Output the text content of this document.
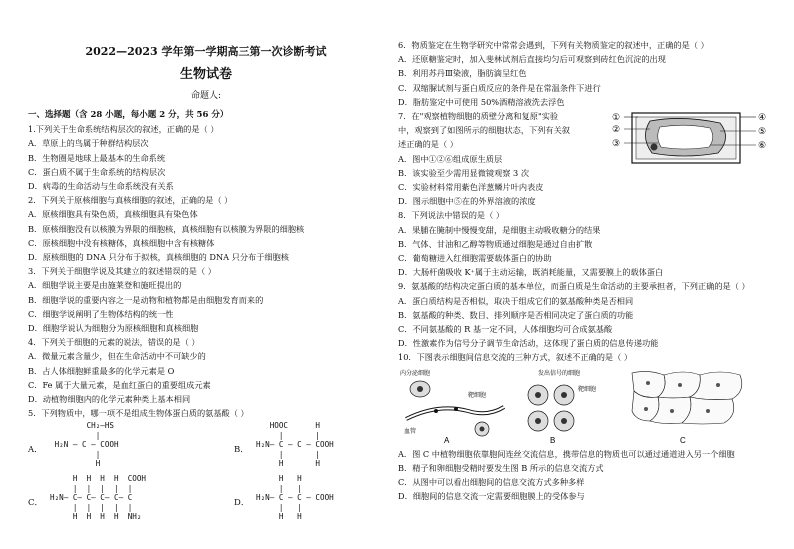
2022—2023 学年第一学期高三第一次诊断考试
生物试卷
命题人:
一、选择题（含 28 小题，每小题 2 分，共 56 分）
1.下列关于生命系统结构层次的叙述，正确的是（ ）
A．草原上的鸟属于种群结构层次
B．生物圈是地球上最基本的生命系统
C．蛋白质不属于生命系统的结构层次
D．病毒的生命活动与生命系统没有关系
2．下列关于原核细胞与真核细胞的叙述，正确的是（ ）
A．原核细胞具有染色质，真核细胞具有染色体
B．原核细胞没有以核膜为界限的细胞核，真核细胞有以核膜为界限的细胞核
C．原核细胞中没有核糖体，真核细胞中含有核糖体
D．原核细胞的 DNA 只分布于拟核，真核细胞的 DNA 只分布于细胞核
3．下列关于细胞学说及其建立的叙述错误的是（ ）
A．细胞学说主要是由施莱登和施旺提出的
B．细胞学说的重要内容之一是动物和植物都是由细胞发育而来的
C．细胞学说阐明了生物体结构的统一性
D．细胞学说认为细胞分为原核细胞和真核细胞
4．下列关于细胞的元素的说法，错误的是（ ）
A．微量元素含量少，但在生命活动中不可缺少的
B．占人体细胞鲜重最多的化学元素是 O
C．Fe 属于大量元素，是血红蛋白的重要组成元素
D．动植物细胞内的化学元素种类上基本相同
5．下列物质中，哪一项不是组成生物体蛋白质的氨基酸（ ）
A．
CH₂—HS
|
H₂N — C — COOH
|
H
B．
HOOC      H
|       |
H₂N— C — C — COOH
|       |
H       H
C．
H  H  H  H  COOH
|  |  |  |  |
H₂N— C— C— C— C— C
|  |  |  |  |
H  H  H  H  NH₂
D．
H   H
|   |
H₂N— C — C — COOH
|   |
H   H
6．物质鉴定在生物学研究中常常会遇到，下列有关物质鉴定的叙述中，正确的是（ ）
A．还原糖鉴定时，加入斐林试剂后直接均匀后可观察到砖红色沉淀的出现
B．利用苏丹Ⅲ染液，脂肪滴呈红色
C．双缩脲试剂与蛋白质反应的条件是在常温条件下进行
D．脂肪鉴定中可使用 50%酒精溶液洗去浮色
7．在"观察植物细胞的质壁分离和复原"实验
中，观察到了如图所示的细胞状态，下列有关叙
述正确的是（ ）
A．图中①②⑥组成原生质层
B．该实验至少需用显微镜观察 3 次
C．实验材料常用紫色洋葱鳞片叶内表皮
D．图示细胞中⑤在的外界溶液的浓度
①
②
③
④
⑤
⑥
8．下列说法中错误的是（ ）
A．果脯在腌制中慢慢变甜，是细胞主动吸收糖分的结果
B．气体、甘油和乙醇等物质通过细胞是通过自由扩散
C．葡萄糖进入红细胞需要载体蛋白的协助
D．大肠杆菌吸收 K⁺属于主动运输，既消耗能量，又需要膜上的载体蛋白
9．氨基酸的结构决定蛋白质的基本单位，而蛋白质是生命活动的主要承担者，下列正确的是（ ）
A．蛋白质结构是否相似，取决于组成它们的氨基酸种类是否相同
B．氨基酸的种类、数目、排列顺序是否相同决定了蛋白质的功能
C．不同氨基酸的 R 基一定不同，人体细胞均可合成氨基酸
D．性激素作为信号分子调节生命活动，这体现了蛋白质的信息传递功能
10．下图表示细胞间信息交流的三种方式，叙述不正确的是（ ）
内分泌细胞
血管
靶细胞
A
发出信号的细胞
靶细胞
B	C
A．图 C 中植物细胞依靠胞间连丝交流信息，携带信息的物质也可以通过通道进入另一个细胞
B．精子和卵细胞受精时要发生图 B 所示的信息交流方式
C．从图中可以看出细胞间的信息交流方式多种多样
D．细胞间的信息交流一定需要细胞膜上的受体参与
